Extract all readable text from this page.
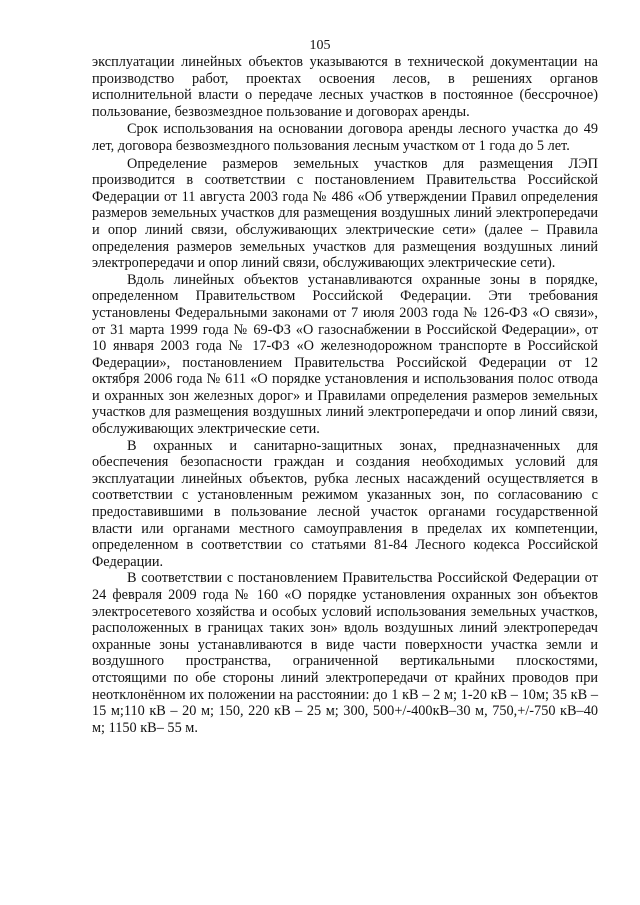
105

эксплуатации линейных объектов указываются в технической документации на производство работ, проектах освоения лесов, в решениях органов исполнительной власти о передаче лесных участков в постоянное (бессрочное) пользование, безвозмездное пользование и договорах аренды.

Срок использования на основании договора аренды лесного участка до 49 лет, договора безвозмездного пользования лесным участком от 1 года до 5 лет.

Определение размеров земельных участков для размещения ЛЭП производится в соответствии с постановлением Правительства Российской Федерации от 11 августа 2003 года № 486 «Об утверждении Правил определения размеров земельных участков для размещения воздушных линий электропередачи и опор линий связи, обслуживающих электрические сети» (далее – Правила определения размеров земельных участков для размещения воздушных линий электропередачи и опор линий связи, обслуживающих электрические сети).

Вдоль линейных объектов устанавливаются охранные зоны в порядке, определенном Правительством Российской Федерации. Эти требования установлены Федеральными законами от 7 июля 2003 года № 126-ФЗ «О связи», от 31 марта 1999 года № 69-ФЗ «О газоснабжении в Российской Федерации», от 10 января 2003 года № 17-ФЗ «О железнодорожном транспорте в Российской Федерации», постановлением Правительства Российской Федерации от 12 октября 2006 года № 611 «О порядке установления и использования полос отвода и охранных зон железных дорог» и Правилами определения размеров земельных участков для размещения воздушных линий электропередачи и опор линий связи, обслуживающих электрические сети.

В охранных и санитарно-защитных зонах, предназначенных для обеспечения безопасности граждан и создания необходимых условий для эксплуатации линейных объектов, рубка лесных насаждений осуществляется в соответствии с установленным режимом указанных зон, по согласованию с предоставившими в пользование лесной участок органами государственной власти или органами местного самоуправления в пределах их компетенции, определенном в соответствии со статьями 81-84 Лесного кодекса Российской Федерации.

В соответствии с постановлением Правительства Российской Федерации от 24 февраля 2009 года № 160 «О порядке установления охранных зон объектов электросетевого хозяйства и особых условий использования земельных участков, расположенных в границах таких зон» вдоль воздушных линий электропередач охранные зоны устанавливаются в виде части поверхности участка земли и воздушного пространства, ограниченной вертикальными плоскостями, отстоящими по обе стороны линий электропередачи от крайних проводов при неотклонённом их положении на расстоянии: до 1 кВ – 2 м; 1-20 кВ – 10м; 35 кВ – 15 м;110 кВ – 20 м; 150, 220 кВ – 25 м; 300, 500+/-400кВ–30 м, 750,+/-750 кВ–40 м; 1150 кВ– 55 м.
